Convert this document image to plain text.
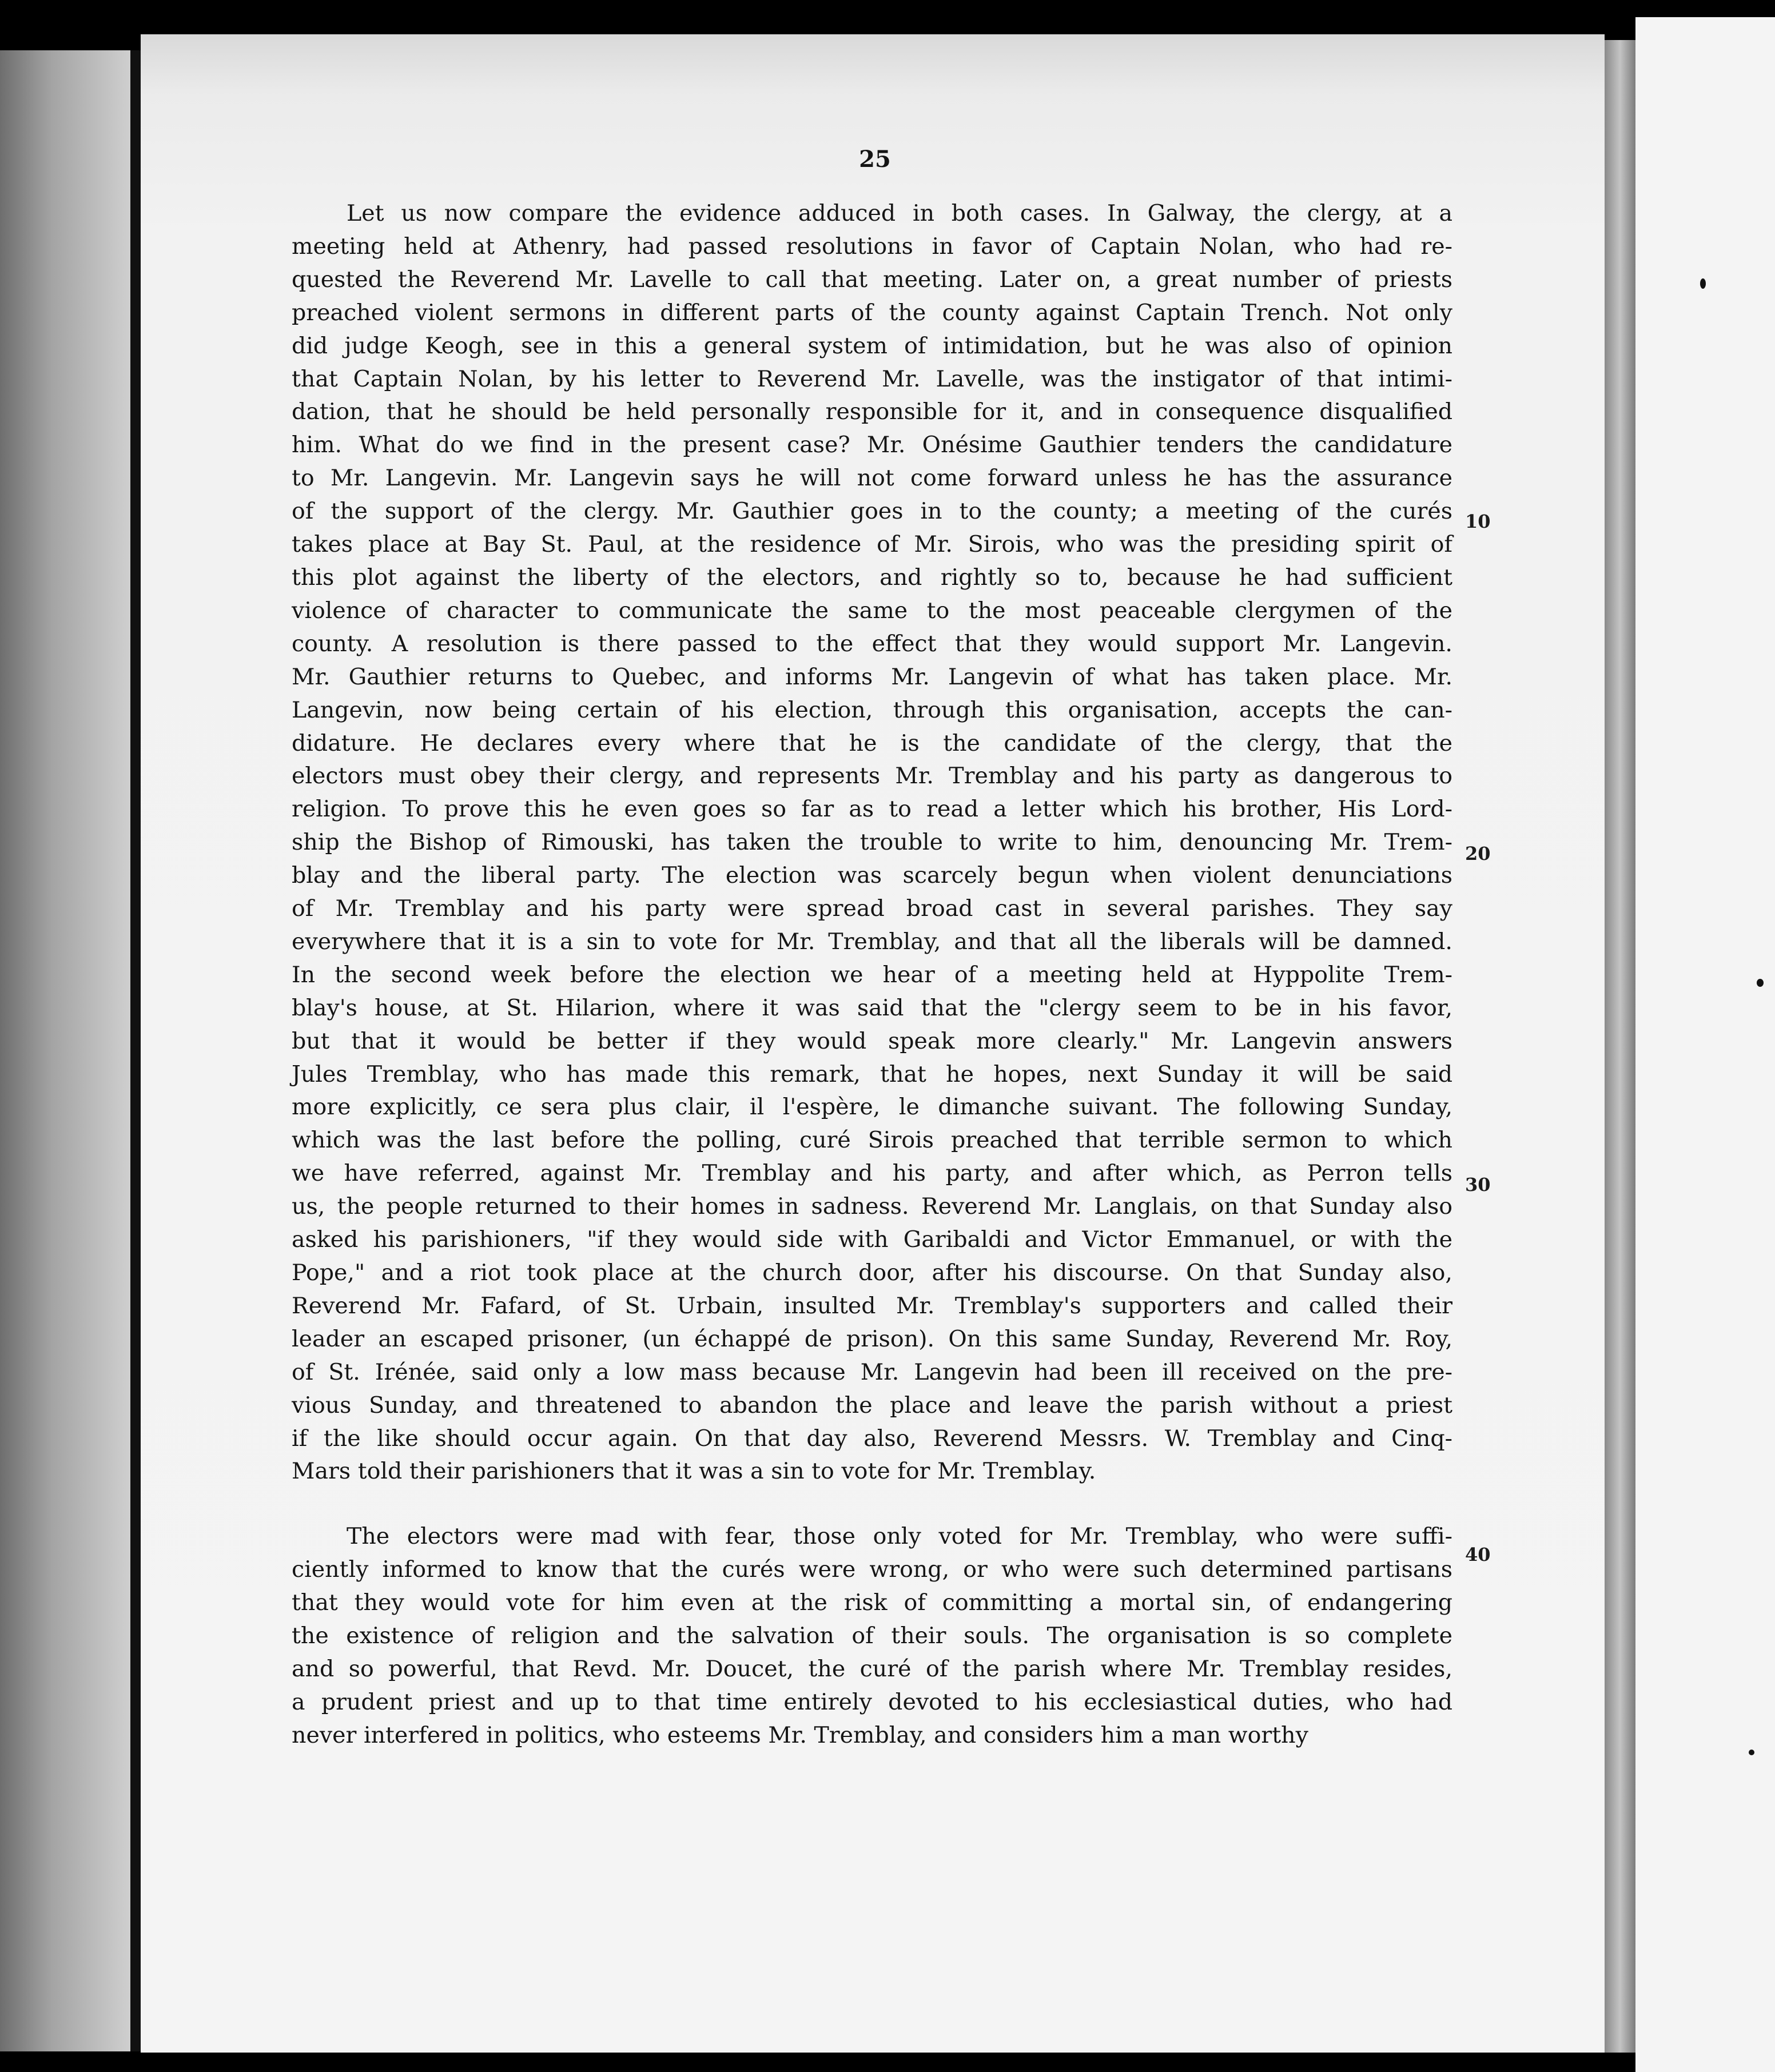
​
25

Let us now compare the evidence adduced in both cases. In Galway, the clergy, at a
meeting held at Athenry, had passed resolutions in favor of Captain Nolan, who had re-
quested the Reverend Mr. Lavelle to call that meeting. Later on, a great number of priests
preached violent sermons in different parts of the county against Captain Trench. Not only
did judge Keogh, see in this a general system of intimidation, but he was also of opinion
that Captain Nolan, by his letter to Reverend Mr. Lavelle, was the instigator of that intimi-
dation, that he should be held personally responsible for it, and in consequence disqualified
him. What do we find in the present case? Mr. Onésime Gauthier tenders the candidature
to Mr. Langevin. Mr. Langevin says he will not come forward unless he has the assurance
of the support of the clergy. Mr. Gauthier goes in to the county; a meeting of the curés
takes place at Bay St. Paul, at the residence of Mr. Sirois, who was the presiding spirit of
this plot against the liberty of the electors, and rightly so to, because he had sufficient
violence of character to communicate the same to the most peaceable clergymen of the
county. A resolution is there passed to the effect that they would support Mr. Langevin.
Mr. Gauthier returns to Quebec, and informs Mr. Langevin of what has taken place. Mr.
Langevin, now being certain of his election, through this organisation, accepts the can-
didature. He declares every where that he is the candidate of the clergy, that the
electors must obey their clergy, and represents Mr. Tremblay and his party as dangerous to
religion. To prove this he even goes so far as to read a letter which his brother, His Lord-
ship the Bishop of Rimouski, has taken the trouble to write to him, denouncing Mr. Trem-
blay and the liberal party. The election was scarcely begun when violent denunciations
of Mr. Tremblay and his party were spread broad cast in several parishes. They say
everywhere that it is a sin to vote for Mr. Tremblay, and that all the liberals will be damned.
In the second week before the election we hear of a meeting held at Hyppolite Trem-
blay's house, at St. Hilarion, where it was said that the "clergy seem to be in his favor,
but that it would be better if they would speak more clearly." Mr. Langevin answers
Jules Tremblay, who has made this remark, that he hopes, next Sunday it will be said
more explicitly, ce sera plus clair, il l'espère, le dimanche suivant. The following Sunday,
which was the last before the polling, curé Sirois preached that terrible sermon to which
we have referred, against Mr. Tremblay and his party, and after which, as Perron tells
us, the people returned to their homes in sadness. Reverend Mr. Langlais, on that Sunday also
asked his parishioners, "if they would side with Garibaldi and Victor Emmanuel, or with the
Pope," and a riot took place at the church door, after his discourse. On that Sunday also,
Reverend Mr. Fafard, of St. Urbain, insulted Mr. Tremblay's supporters and called their
leader an escaped prisoner, (un échappé de prison). On this same Sunday, Reverend Mr. Roy,
of St. Irénée, said only a low mass because Mr. Langevin had been ill received on the pre-
vious Sunday, and threatened to abandon the place and leave the parish without a priest
if the like should occur again. On that day also, Reverend Messrs. W. Tremblay and Cinq-
Mars told their parishioners that it was a sin to vote for Mr. Tremblay.

The electors were mad with fear, those only voted for Mr. Tremblay, who were suffi-
ciently informed to know that the curés were wrong, or who were such determined partisans
that they would vote for him even at the risk of committing a mortal sin, of endangering
the existence of religion and the salvation of their souls. The organisation is so complete
and so powerful, that Revd. Mr. Doucet, the curé of the parish where Mr. Tremblay resides,
a prudent priest and up to that time entirely devoted to his ecclesiastical duties, who had
never interfered in politics, who esteems Mr. Tremblay, and considers him a man worthy

10
20
30
40
